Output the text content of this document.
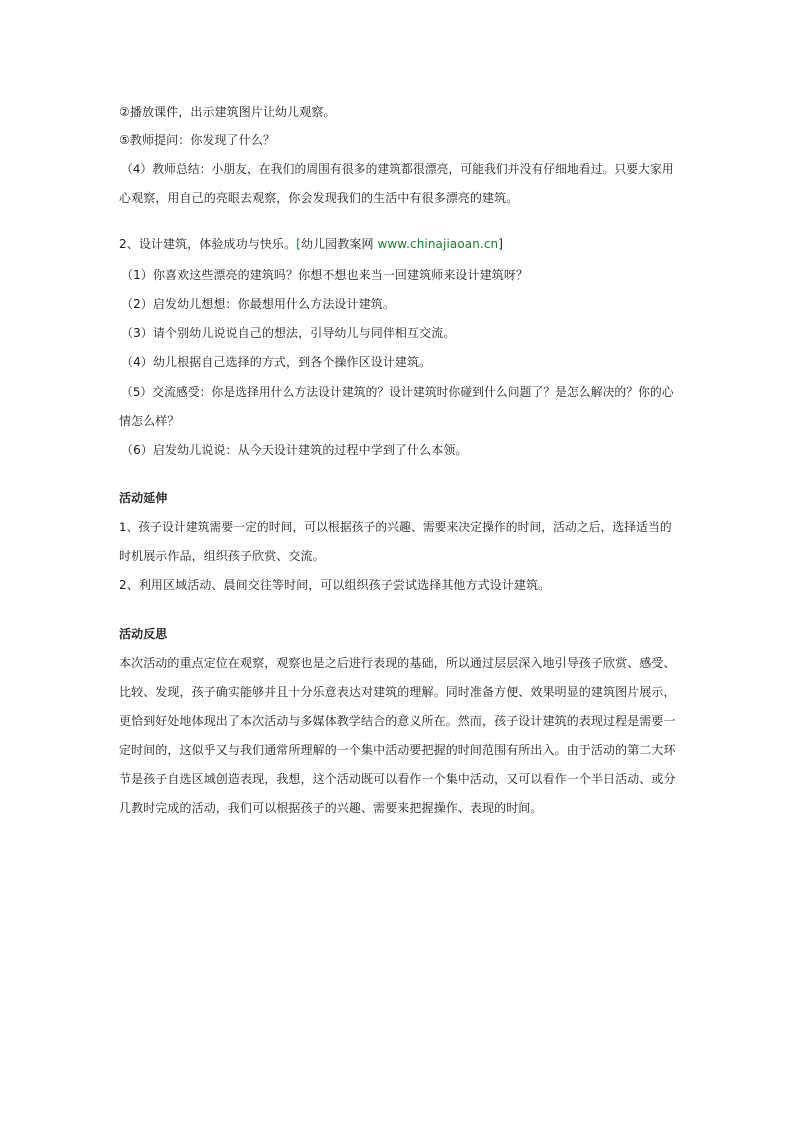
②播放课件，出示建筑图片让幼儿观察。
⑤教师提问：你发现了什么？
（4）教师总结：小朋友，在我们的周围有很多的建筑都很漂亮，可能我们并没有仔细地看过。只要大家用
心观察，用自己的亮眼去观察，你会发现我们的生活中有很多漂亮的建筑。
2、设计建筑，体验成功与快乐。[幼儿园教案网 www.chinajiaoan.cn]
（1）你喜欢这些漂亮的建筑吗？你想不想也来当一回建筑师来设计建筑呀？
（2）启发幼儿想想：你最想用什么方法设计建筑。
（3）请个别幼儿说说自己的想法，引导幼儿与同伴相互交流。
（4）幼儿根据自己选择的方式，到各个操作区设计建筑。
（5）交流感受：你是选择用什么方法设计建筑的？设计建筑时你碰到什么问题了？是怎么解决的？你的心
情怎么样？
（6）启发幼儿说说：从今天设计建筑的过程中学到了什么本领。
活动延伸
1、孩子设计建筑需要一定的时间，可以根据孩子的兴趣、需要来决定操作的时间，活动之后，选择适当的
时机展示作品，组织孩子欣赏、交流。
2、利用区域活动、晨间交往等时间，可以组织孩子尝试选择其他方式设计建筑。
活动反思
本次活动的重点定位在观察，观察也是之后进行表现的基础，所以通过层层深入地引导孩子欣赏、感受、
比较、发现，孩子确实能够并且十分乐意表达对建筑的理解。同时准备方便、效果明显的建筑图片展示，
更恰到好处地体现出了本次活动与多媒体教学结合的意义所在。然而，孩子设计建筑的表现过程是需要一
定时间的，这似乎又与我们通常所理解的一个集中活动要把握的时间范围有所出入。由于活动的第二大环
节是孩子自选区域创造表现，我想，这个活动既可以看作一个集中活动，又可以看作一个半日活动、或分
几教时完成的活动，我们可以根据孩子的兴趣、需要来把握操作、表现的时间。
